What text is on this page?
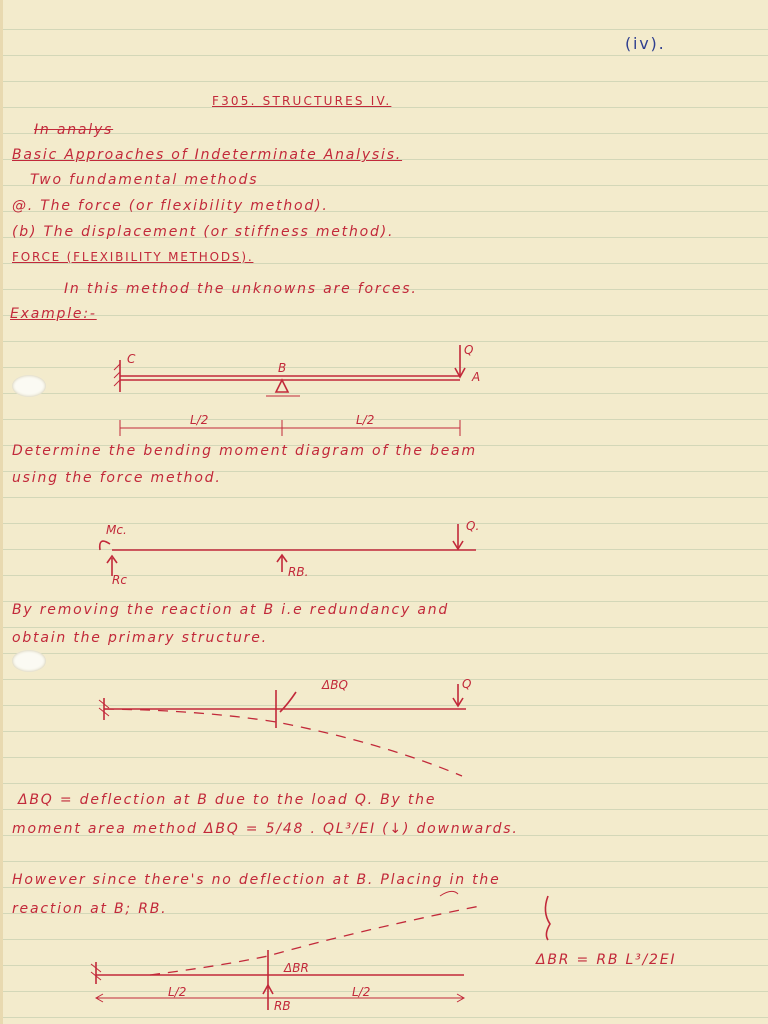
(iv).
F305. STRUCTURES IV.
In analys
Basic Approaches of Indeterminate Analysis.
Two fundamental methods
@. The force (or flexibility method).
(b) The displacement (or stiffness method).
FORCE (FLEXIBILITY METHODS).
In this method the unknowns are forces.
Example:-
C
B
Q
A
L/2	L/2
Determine the bending moment diagram of the beam
using the force method.
Mc.	Q.
Rc
RB.
By removing the reaction at B i.e redundancy and
obtain the primary structure.
ΔBQ	Q
ΔBQ = deflection at B due to the load Q. By the
moment area method ΔBQ = 5/48 . QL³/EI (↓) downwards.
However since there's no deflection at B. Placing in the
reaction at B; RB.
ΔBR
RB
L/2	L/2
ΔBR = RB L³/2EI
